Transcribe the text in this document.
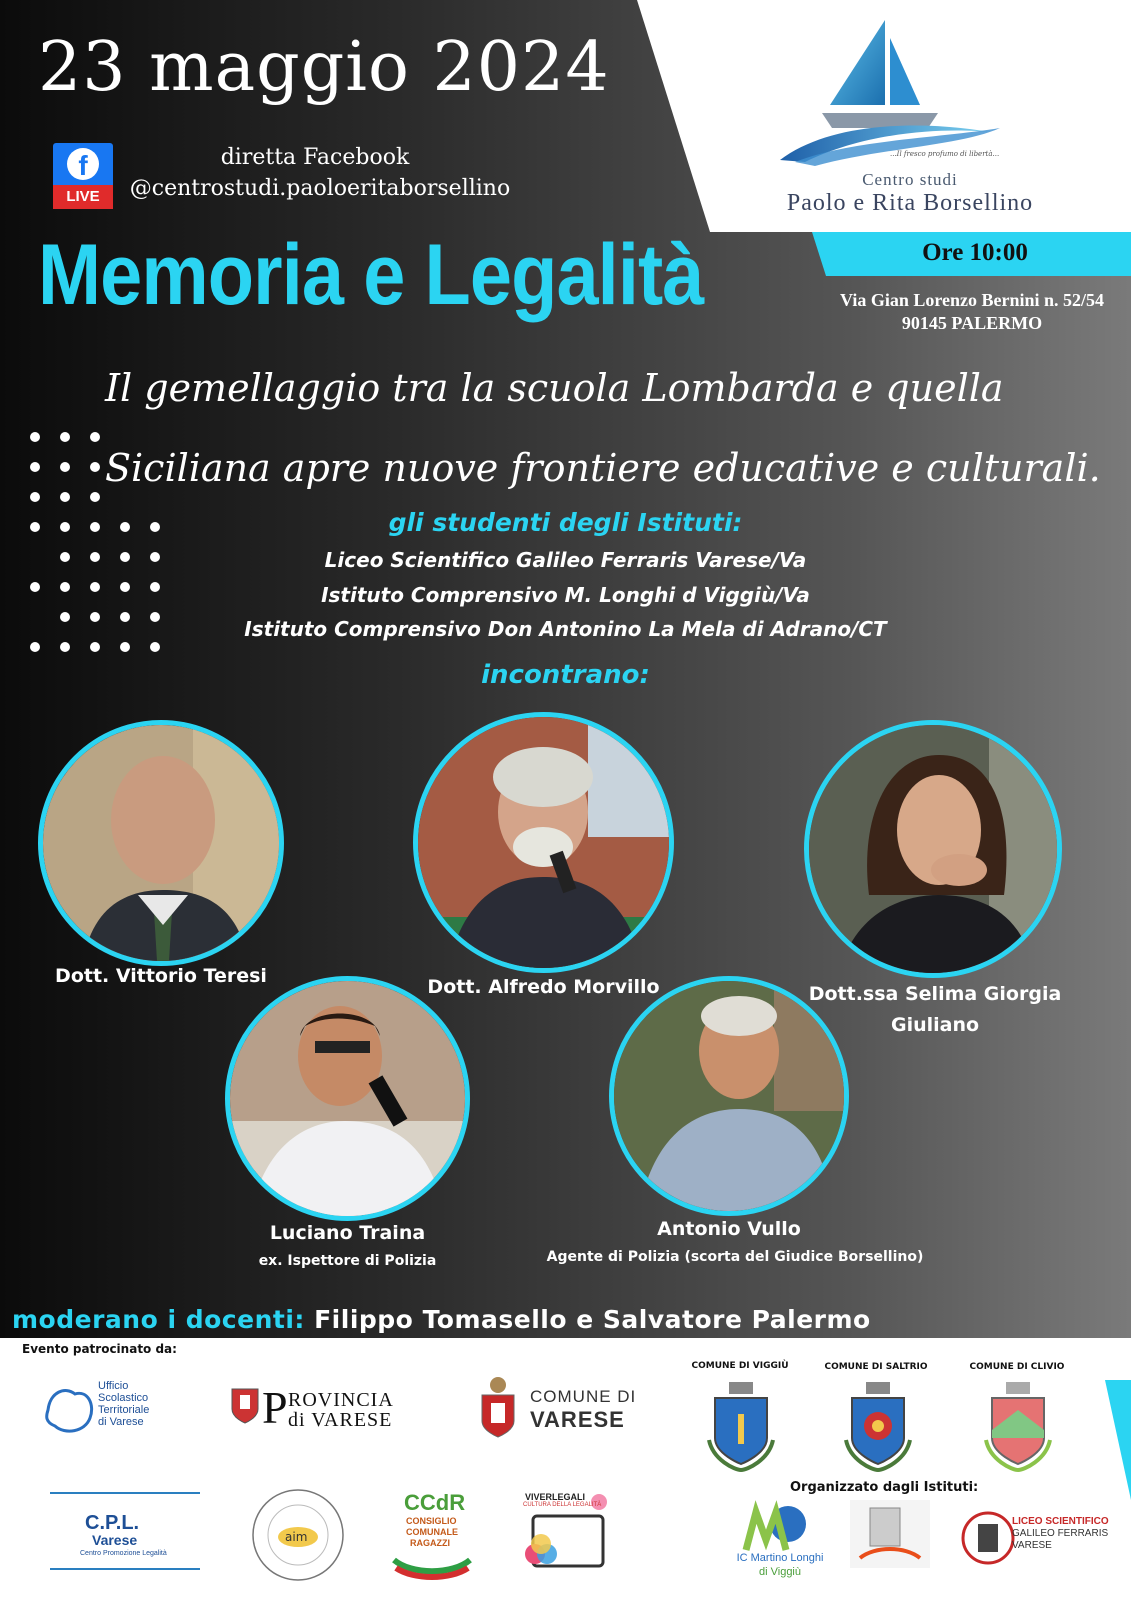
23 maggio 2024
f
LIVE
diretta Facebook
@centrostudi.paoloeritaborsellino
...Il fresco profumo di libertà...
Centro studi
Paolo e Rita Borsellino
Ore 10:00
Via Gian Lorenzo Bernini n. 52/54
90145 PALERMO
Memoria e Legalità
Il gemellaggio tra la scuola Lombarda e quella
Siciliana apre nuove frontiere educative e culturali.
gli studenti degli Istituti:
Liceo Scientifico Galileo Ferraris Varese/Va
Istituto Comprensivo M. Longhi d Viggiù/Va
Istituto Comprensivo Don Antonino La Mela di Adrano/CT
incontrano:
Dott. Vittorio Teresi	Dott. Alfredo Morvillo	Dott.ssa Selima Giorgia
Giuliano
Luciano Traina
ex. Ispettore di Polizia
Antonio Vullo
Agente di Polizia (scorta del Giudice Borsellino)
moderano i docenti: Filippo Tomasello e Salvatore Palermo
Evento patrocinato da:
Ufficio
Scolastico
Territoriale
di Varese	P ROVINCIA
di VARESE
COMUNE DI
VARESE
COMUNE DI VIGGIÙ	COMUNE DI SALTRIO	COMUNE DI CLIVIO
Organizzato dagli Istituti:
C.P.L.
Varese
Centro Promozione Legalità
aim
CCdR
CONSIGLIO
COMUNALE
RAGAZZI
VIVERLEGALI
CULTURA DELLA LEGALITÀ
IC Martino Longhi
di Viggiù
LICEO SCIENTIFICO
GALILEO FERRARIS
VARESE
